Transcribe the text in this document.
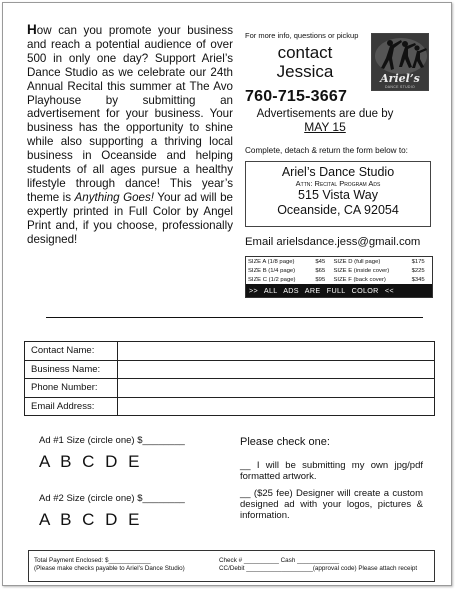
How can you promote your business and reach a potential audience of over 500 in only one day? Support Ariel’s Dance Studio as we celebrate our 24th Annual Recital this summer at The Avo Playhouse by submitting an advertisement for your business. Your business has the opportunity to shine while also supporting a thriving local business in Oceanside and helping students of all ages pursue a healthy lifestyle through dance! This year’s theme is Anything Goes! Your ad will be expertly printed in Full Color by Angel Print and, if you choose, professionally designed!
For more info, questions or pickup
contact
Jessica
760-715-3667
Advertisements are due by
MAY 15
Ariel’s
DANCE STUDIO
Complete, detach & return the form below to:
Ariel’s Dance Studio
Attn: Recital Program Ads
515 Vista Way
Oceanside, CA 92054
Email arielsdance.jess@gmail.com
SIZE A (1/8 page)	$45	SIZE D (full page)	$175
SIZE B (1/4 page)	$65	SIZE E (inside cover)	$225
SIZE C (1/2 page)	$95	SIZE F (back cover)	$345
>> ALL ADS ARE FULL COLOR <<
Contact Name:	
Business Name:	
Phone Number:	
Email Address:	
Ad #1 Size (circle one) $________
A B C D E
Ad #2 Size (circle one) $________
A B C D E
Please check one:
__ I will be submitting my own jpg/pdf formatted artwork.
__ ($25 fee) Designer will create a custom designed ad with your logos, pictures & information.
Total Payment Enclosed: $____________
(Please make checks payable to Ariel’s Dance Studio)
Check # __________ Cash ____________
CC/Debit ___________________(approval code) Please attach receipt
